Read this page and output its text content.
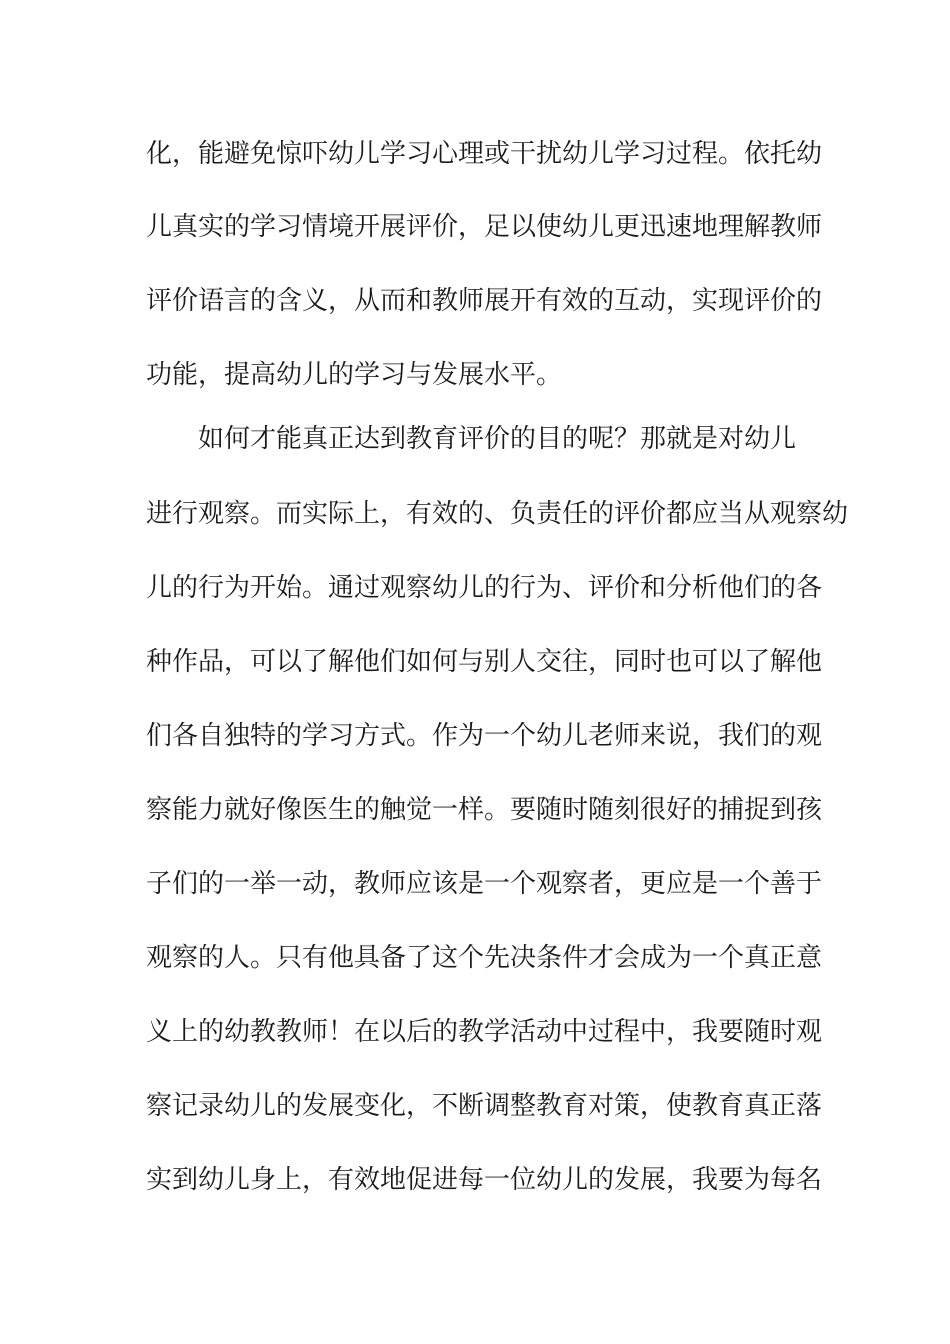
化，能避免惊吓幼儿学习心理或干扰幼儿学习过程。依托幼
儿真实的学习情境开展评价，足以使幼儿更迅速地理解教师
评价语言的含义，从而和教师展开有效的互动，实现评价的
功能，提高幼儿的学习与发展水平。
如何才能真正达到教育评价的目的呢？那就是对幼儿
进行观察。而实际上，有效的、负责任的评价都应当从观察幼
儿的行为开始。通过观察幼儿的行为、评价和分析他们的各
种作品，可以了解他们如何与别人交往，同时也可以了解他
们各自独特的学习方式。作为一个幼儿老师来说，我们的观
察能力就好像医生的触觉一样。要随时随刻很好的捕捉到孩
子们的一举一动，教师应该是一个观察者，更应是一个善于
观察的人。只有他具备了这个先决条件才会成为一个真正意
义上的幼教教师！在以后的教学活动中过程中，我要随时观
察记录幼儿的发展变化，不断调整教育对策，使教育真正落
实到幼儿身上，有效地促进每一位幼儿的发展，我要为每名
